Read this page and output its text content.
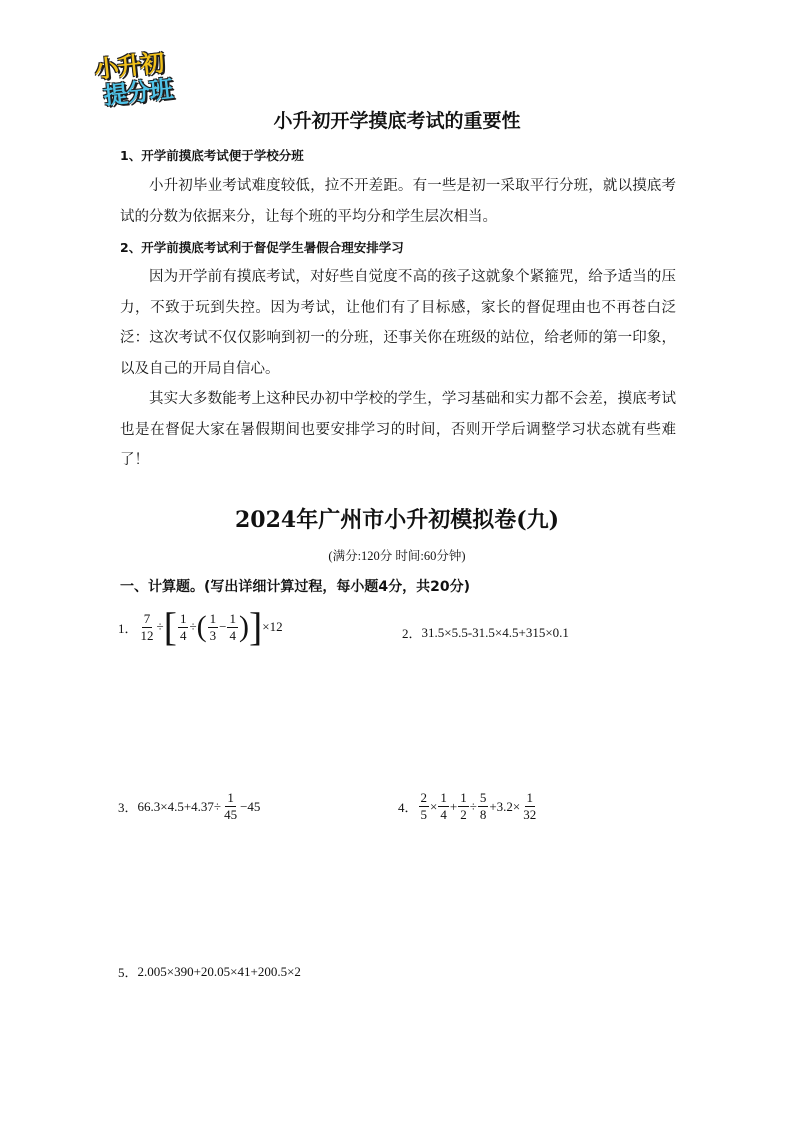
小升初
提分班
小升初开学摸底考试的重要性
1、开学前摸底考试便于学校分班

小升初毕业考试难度较低，拉不开差距。有一些是初一采取平行分班，就以摸底考试的分数为依据来分，让每个班的平均分和学生层次相当。

2、开学前摸底考试利于督促学生暑假合理安排学习

因为开学前有摸底考试，对好些自觉度不高的孩子这就象个紧箍咒，给予适当的压力，不致于玩到失控。因为考试，让他们有了目标感，家长的督促理由也不再苍白泛泛：这次考试不仅仅影响到初一的分班，还事关你在班级的站位，给老师的第一印象，以及自己的开局自信心。

其实大多数能考上这种民办初中学校的学生，学习基础和实力都不会差，摸底考试也是在督促大家在暑假期间也要安排学习的时间，否则开学后调整学习状态就有些难了！

2024年广州市小升初模拟卷(九)
(满分:120分 时间:60分钟)
一、计算题。(写出详细计算过程，每小题4分，共20分)
1． $\frac{7}{12}$ ÷ [ $\frac{1}{4}$ ÷ ( $\frac{1}{3} - \frac{1}{4}$ ) ] ×12	2． 31.5×5.5-31.5×4.5+315×0.1
3． $66.3\times 4.5+4.37\div \frac{1}{45} -45$	4． $\frac{2}{5} \times \frac{1}{4} + \frac{1}{2} \div \frac{5}{8} +3.2\times \frac{1}{32}$
5． 2.005×390+20.05×41+200.5×2
